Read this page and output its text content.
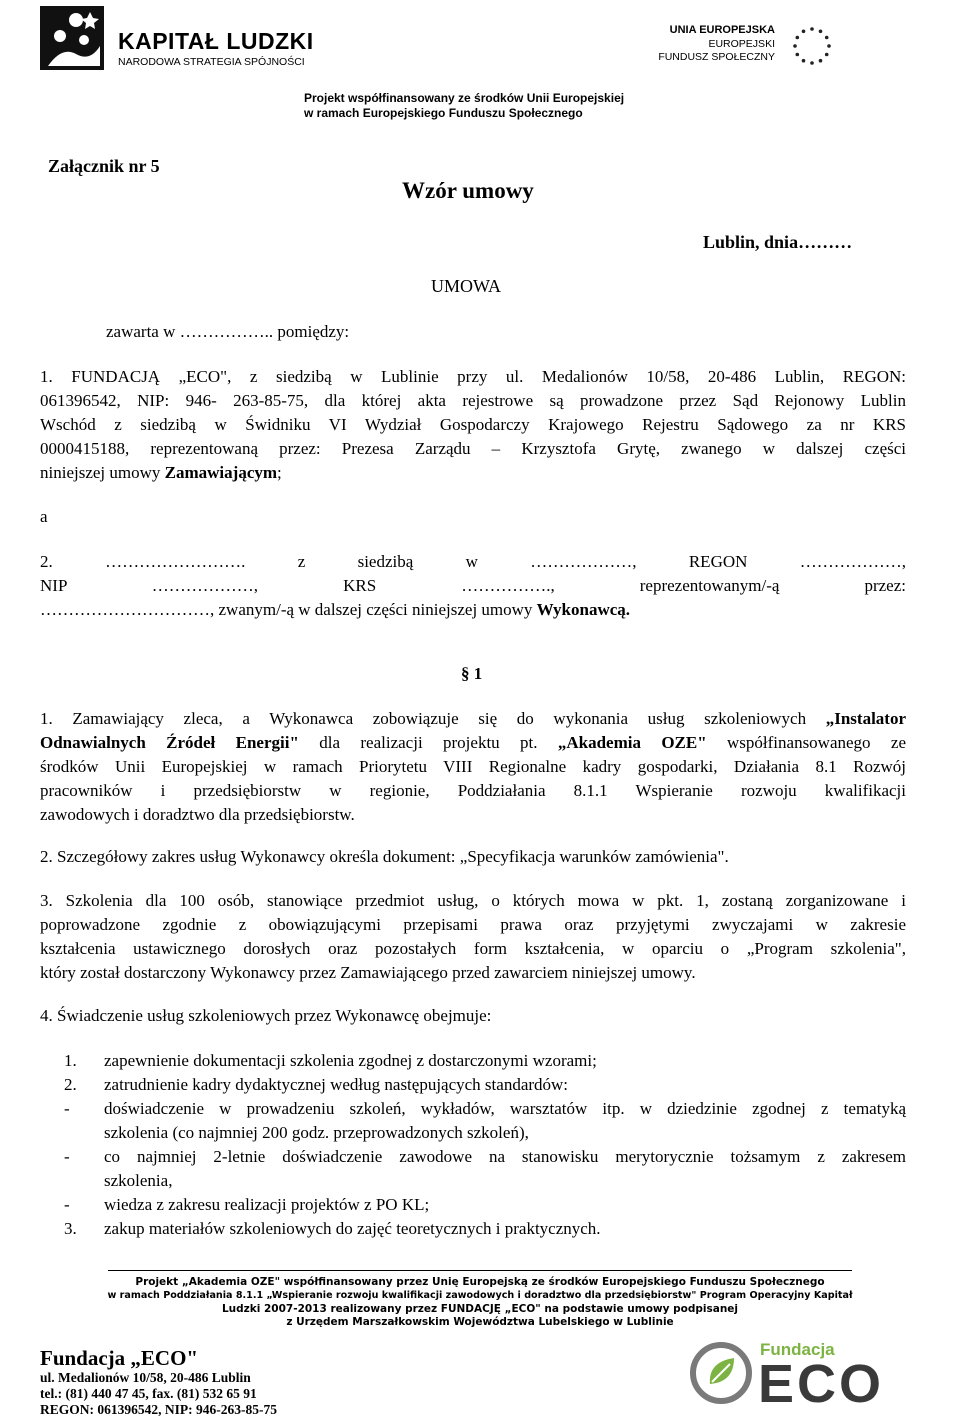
KAPITAŁ LUDZKI
NARODOWA STRATEGIA SPÓJNOŚCI
UNIA EUROPEJSKA
EUROPEJSKI
FUNDUSZ SPOŁECZNY
Projekt współfinansowany ze środków Unii Europejskiej
w ramach Europejskiego Funduszu Społecznego
Załącznik nr 5
Wzór umowy
Lublin, dnia………
UMOWA
zawarta w …………….. pomiędzy:
1. FUNDACJĄ „ECO", z siedzibą w Lublinie przy ul. Medalionów 10/58, 20-486 Lublin, REGON:
061396542, NIP: 946- 263-85-75, dla której akta rejestrowe są prowadzone przez Sąd Rejonowy Lublin
Wschód z siedzibą w Świdniku VI Wydział Gospodarczy Krajowego Rejestru Sądowego za nr KRS
0000415188, reprezentowaną przez: Prezesa Zarządu – Krzysztofa Grytę, zwanego w dalszej części
niniejszej umowy Zamawiającym;
a
2. ……………………. z siedzibą w ………………, REGON ………………,
NIP ………………, KRS ……………., reprezentowanym/-ą przez:
…………………………, zwanym/-ą w dalszej części niniejszej umowy Wykonawcą.
§ 1
1. Zamawiający zleca, a Wykonawca zobowiązuje się do wykonania usług szkoleniowych „Instalator
Odnawialnych Źródeł Energii" dla realizacji projektu pt. „Akademia OZE" współfinansowanego ze
środków Unii Europejskiej w ramach Priorytetu VIII Regionalne kadry gospodarki, Działania 8.1 Rozwój
pracowników i przedsiębiorstw w regionie, Poddziałania 8.1.1 Wspieranie rozwoju kwalifikacji
zawodowych i doradztwo dla przedsiębiorstw.
2. Szczegółowy zakres usług Wykonawcy określa dokument: „Specyfikacja warunków zamówienia".
3. Szkolenia dla 100 osób, stanowiące przedmiot usług, o których mowa w pkt. 1, zostaną zorganizowane i
poprowadzone zgodnie z obowiązującymi przepisami prawa oraz przyjętymi zwyczajami w zakresie
kształcenia ustawicznego dorosłych oraz pozostałych form kształcenia, w oparciu o „Program szkolenia",
który został dostarczony Wykonawcy przez Zamawiającego przed zawarciem niniejszej umowy.
4. Świadczenie usług szkoleniowych przez Wykonawcę obejmuje:
1.	zapewnienie dokumentacji szkolenia zgodnej z dostarczonymi wzorami;
2.	zatrudnienie kadry dydaktycznej według następujących standardów:
-	doświadczenie w prowadzeniu szkoleń, wykładów, warsztatów itp. w dziedzinie zgodnej z tematyką
szkolenia (co najmniej 200 godz. przeprowadzonych szkoleń),
-	co najmniej 2-letnie doświadczenie zawodowe na stanowisku merytorycznie tożsamym z zakresem
szkolenia,
-	wiedza z zakresu realizacji projektów z PO KL;
3.	zakup materiałów szkoleniowych do zajęć teoretycznych i praktycznych.
Projekt „Akademia OZE" współfinansowany przez Unię Europejską ze środków Europejskiego Funduszu Społecznego
w ramach Poddziałania 8.1.1 „Wspieranie rozwoju kwalifikacji zawodowych i doradztwo dla przedsiębiorstw" Program Operacyjny Kapitał
Ludzki 2007-2013 realizowany przez FUNDACJĘ „ECO" na podstawie umowy podpisanej
z Urzędem Marszałkowskim Województwa Lubelskiego w Lublinie
Fundacja „ECO"
ul. Medalionów 10/58, 20-486 Lublin
tel.: (81) 440 47 45, fax. (81) 532 65 91
REGON: 061396542, NIP: 946-263-85-75
Fundacja
ECO
